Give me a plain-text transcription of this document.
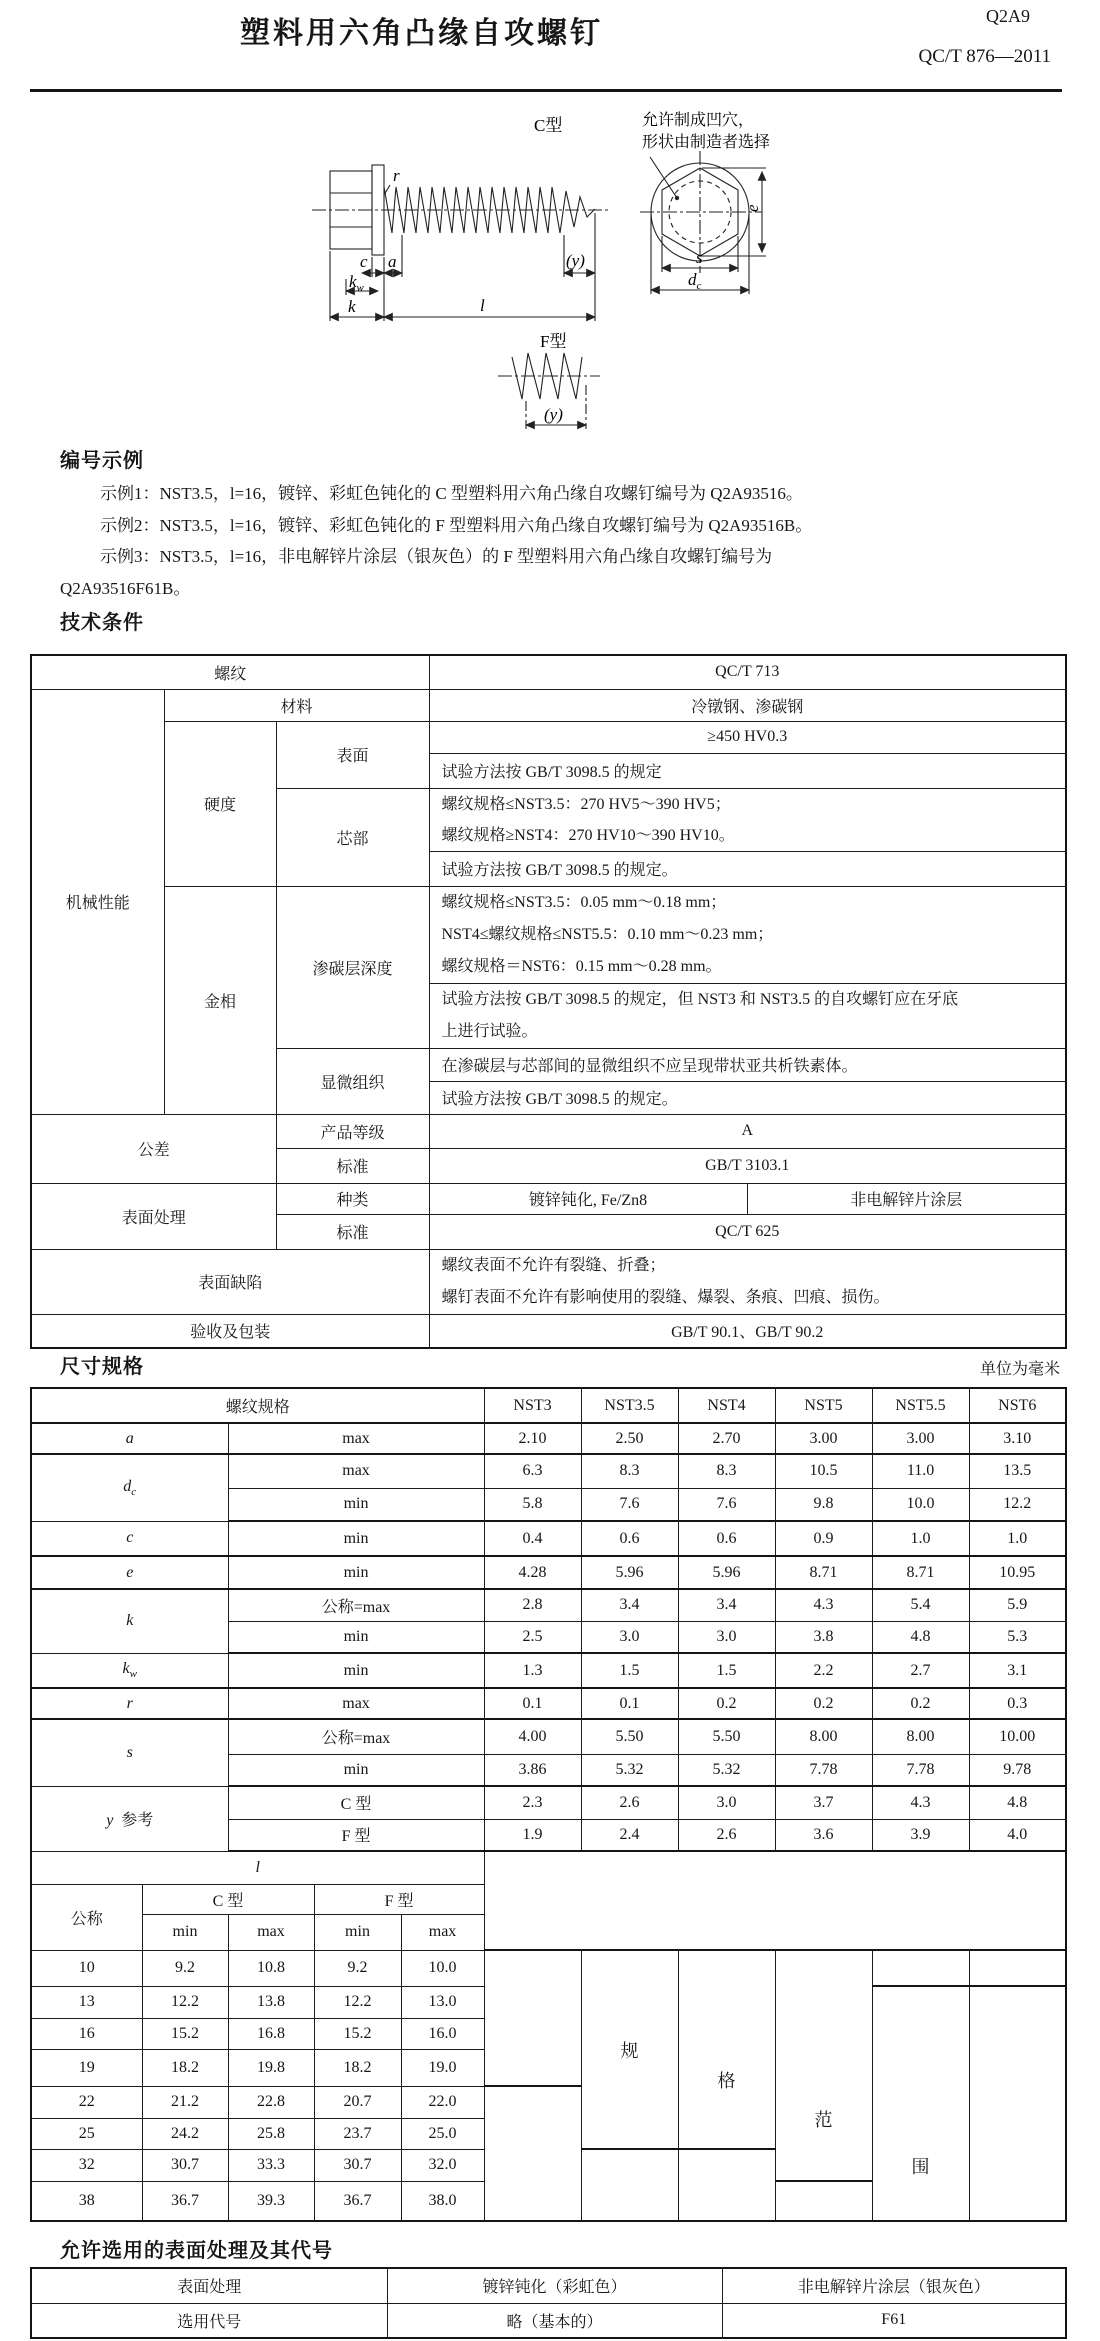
塑料用六角凸缘自攻螺钉
Q2A9
QC/T 876—2011
C型
F型
允许制成凹穴，
形状由制造者选择
r
c a
$k_w$
k	l
(y)
e
s
$d_c$
(y)
编号示例
示例1：NST3.5，l=16，镀锌、彩虹色钝化的 C 型塑料用六角凸缘自攻螺钉编号为 Q2A93516。
示例2：NST3.5，l=16，镀锌、彩虹色钝化的 F 型塑料用六角凸缘自攻螺钉编号为 Q2A93516B。
示例3：NST3.5，l=16，非电解锌片涂层（银灰色）的 F 型塑料用六角凸缘自攻螺钉编号为
Q2A93516F61B。
技术条件
螺纹			QC/T 713	
机械性能	材料		冷镦钢、渗碳钢	
	硬度	表面	≥450 HV0.3	
			试验方法按 GB/T 3098.5 的规定	
		芯部	螺纹规格≤NST3.5：270 HV5～390 HV5；
螺纹规格≥NST4：270 HV10～390 HV10。	

			试验方法按 GB/T 3098.5 的规定。	
	金相	渗碳层深度	螺纹规格≤NST3.5：0.05 mm～0.18 mm；
NST4≤螺纹规格≤NST5.5：0.10 mm～0.23 mm；
螺纹规格＝NST6：0.15 mm～0.28 mm。	

			试验方法按 GB/T 3098.5 的规定，但 NST3 和 NST3.5 的自攻螺钉应在牙底
上进行试验。	

		显微组织	在渗碳层与芯部间的显微组织不应呈现带状亚共析铁素体。	
			试验方法按 GB/T 3098.5 的规定。	
公差		产品等级	A	
		标准	GB/T 3103.1	
表面处理		种类	镀锌钝化, Fe/Zn8	非电解锌片涂层
		标准	QC/T 625	
表面缺陷			螺纹表面不允许有裂缝、折叠；
螺钉表面不允许有影响使用的裂缝、爆裂、条痕、凹痕、损伤。	

验收及包装			GB/T 90.1、GB/T 90.2	
尺寸规格	单位为毫米
螺纹规格					NST3	NST3.5	NST4	NST5	NST5.5	NST6
a		max			2.10	2.50	2.70	3.00	3.00	3.10
$d_c$		max			6.3	8.3	8.3	10.5	11.0	13.5
		min			5.8	7.6	7.6	9.8	10.0	12.2
c		min			0.4	0.6	0.6	0.9	1.0	1.0
e		min			4.28	5.96	5.96	8.71	8.71	10.95
k		公称=max			2.8	3.4	3.4	4.3	5.4	5.9
		min			2.5	3.0	3.0	3.8	4.8	5.3
$k_w$		min			1.3	1.5	1.5	2.2	2.7	3.1
r		max			0.1	0.1	0.2	0.2	0.2	0.3
s		公称=max			4.00	5.50	5.50	8.00	8.00	10.00
		min			3.86	5.32	5.32	7.78	7.78	9.78
y 参考		C 型			2.3	2.6	3.0	3.7	4.3	4.8
		F 型			1.9	2.4	2.6	3.6	3.9	4.0
l										
公称	C 型		F 型							
	min	max	min	max						
10	9.2	10.8	9.2	10.0		规	格	范		
13	12.2	13.8	12.2	13.0					围	
16	15.2	16.8	15.2	16.0						
19	18.2	19.8	18.2	19.0						
22	21.2	22.8	20.7	22.0						
25	24.2	25.8	23.7	25.0						
32	30.7	33.3	30.7	32.0						
38	36.7	39.3	36.7	38.0						
允许选用的表面处理及其代号
表面处理	镀锌钝化（彩虹色）	非电解锌片涂层（银灰色）
选用代号	略（基本的）	F61
